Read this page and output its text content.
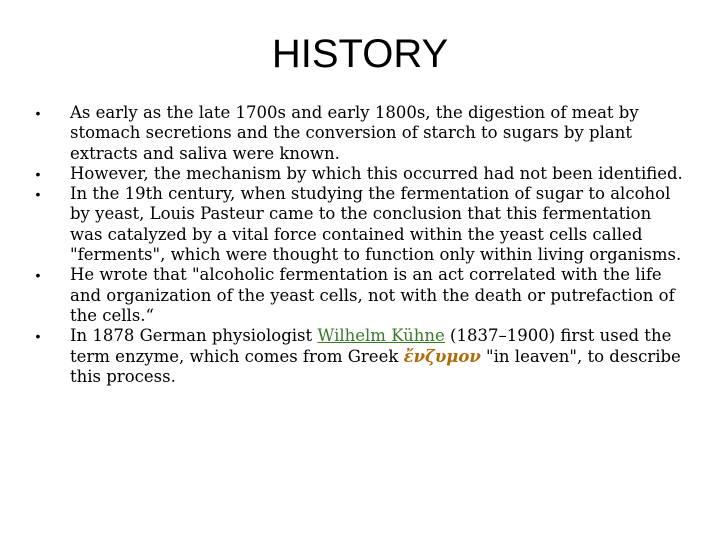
HISTORY
•	As early as the late 1700s and early 1800s, the digestion of meat by stomach secretions and the conversion of starch to sugars by plant extracts and saliva were known.
•	However, the mechanism by which this occurred had not been identified.
•	In the 19th century, when studying the fermentation of sugar to alcohol by yeast, Louis Pasteur came to the conclusion that this fermentation was catalyzed by a vital force contained within the yeast cells called "ferments", which were thought to function only within living organisms.
•	He wrote that "alcoholic fermentation is an act correlated with the life and organization of the yeast cells, not with the death or putrefaction of the cells.“
•	In 1878 German physiologist Wilhelm Kühne (1837–1900) first used the term enzyme, which comes from Greek ἔνζυμον "in leaven", to describe this process.
